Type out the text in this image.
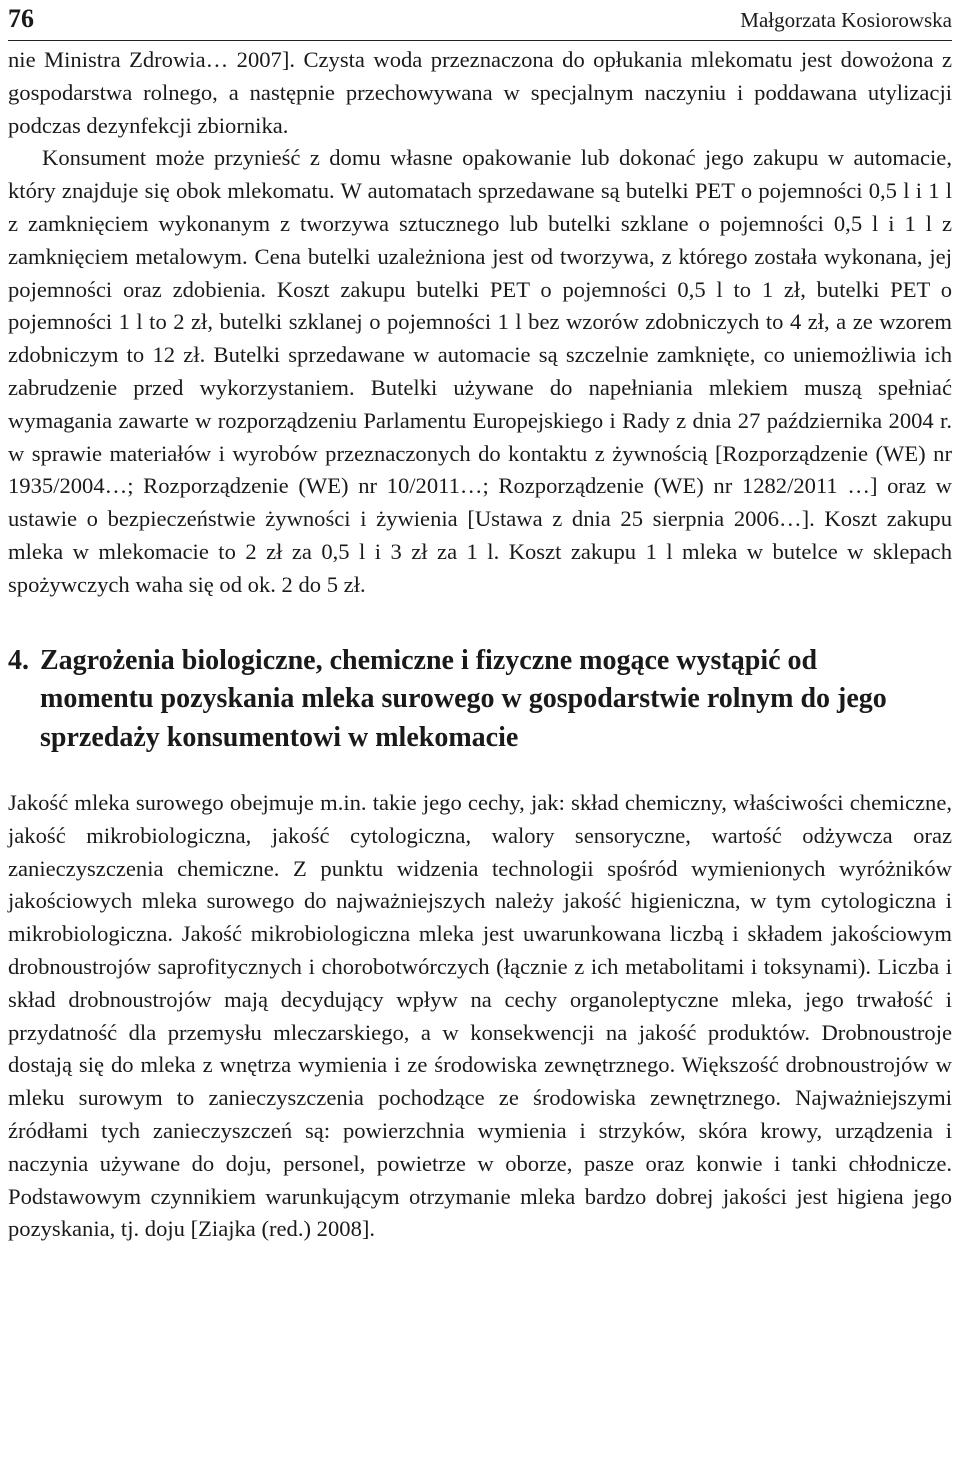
76	Małgorzata Kosiorowska

nie Ministra Zdrowia… 2007]. Czysta woda przeznaczona do opłukania mlekomatu jest dowożona z gospodarstwa rolnego, a następnie przechowywana w specjalnym naczyniu i poddawana utylizacji podczas dezynfekcji zbiornika.

Konsument może przynieść z domu własne opakowanie lub dokonać jego zakupu w automacie, który znajduje się obok mlekomatu. W automatach sprzedawane są butelki PET o pojemności 0,5 l i 1 l z zamknięciem wykonanym z tworzywa sztucznego lub butelki szklane o pojemności 0,5 l i 1 l z zamknięciem metalowym. Cena butelki uzależniona jest od tworzywa, z którego została wykonana, jej pojemności oraz zdobienia. Koszt zakupu butelki PET o pojemności 0,5 l to 1 zł, butelki PET o pojemności 1 l to 2 zł, butelki szklanej o pojemności 1 l bez wzorów zdobniczych to 4 zł, a ze wzorem zdobniczym to 12 zł. Butelki sprzedawane w automacie są szczelnie zamknięte, co uniemożliwia ich zabrudzenie przed wykorzystaniem. Butelki używane do napełniania mlekiem muszą spełniać wymagania zawarte w rozporządzeniu Parlamentu Europejskiego i Rady z dnia 27 października 2004 r. w sprawie materiałów i wyrobów przeznaczonych do kontaktu z żywnością [Rozporządzenie (WE) nr 1935/2004…; Rozporządzenie (WE) nr 10/2011…; Rozporządzenie (WE) nr 1282/2011 …] oraz w ustawie o bezpieczeństwie żywności i żywienia [Ustawa z dnia 25 sierpnia 2006…]. Koszt zakupu mleka w mlekomacie to 2 zł za 0,5 l i 3 zł za 1 l. Koszt zakupu 1 l mleka w butelce w sklepach spożywczych waha się od ok. 2 do 5 zł.

4. Zagrożenia biologiczne, chemiczne i fizyczne mogące wystąpić od momentu pozyskania mleka surowego w gospodarstwie rolnym do jego sprzedaży konsumentowi w mlekomacie

Jakość mleka surowego obejmuje m.in. takie jego cechy, jak: skład chemiczny, właściwości chemiczne, jakość mikrobiologiczna, jakość cytologiczna, walory sensoryczne, wartość odżywcza oraz zanieczyszczenia chemiczne. Z punktu widzenia technologii spośród wymienionych wyróżników jakościowych mleka surowego do najważniejszych należy jakość higieniczna, w tym cytologiczna i mikrobiologiczna. Jakość mikrobiologiczna mleka jest uwarunkowana liczbą i składem jakościowym drobnoustrojów saprofitycznych i chorobotwórczych (łącznie z ich metabolitami i toksynami). Liczba i skład drobnoustrojów mają decydujący wpływ na cechy organoleptyczne mleka, jego trwałość i przydatność dla przemysłu mleczarskiego, a w konsekwencji na jakość produktów. Drobnoustroje dostają się do mleka z wnętrza wymienia i ze środowiska zewnętrznego. Większość drobnoustrojów w mleku surowym to zanieczyszczenia pochodzące ze środowiska zewnętrznego. Najważniejszymi źródłami tych zanieczyszczeń są: powierzchnia wymienia i strzyków, skóra krowy, urządzenia i naczynia używane do doju, personel, powietrze w oborze, pasze oraz konwie i tanki chłodnicze. Podstawowym czynnikiem warunkującym otrzymanie mleka bardzo dobrej jakości jest higiena jego pozyskania, tj. doju [Ziajka (red.) 2008].
